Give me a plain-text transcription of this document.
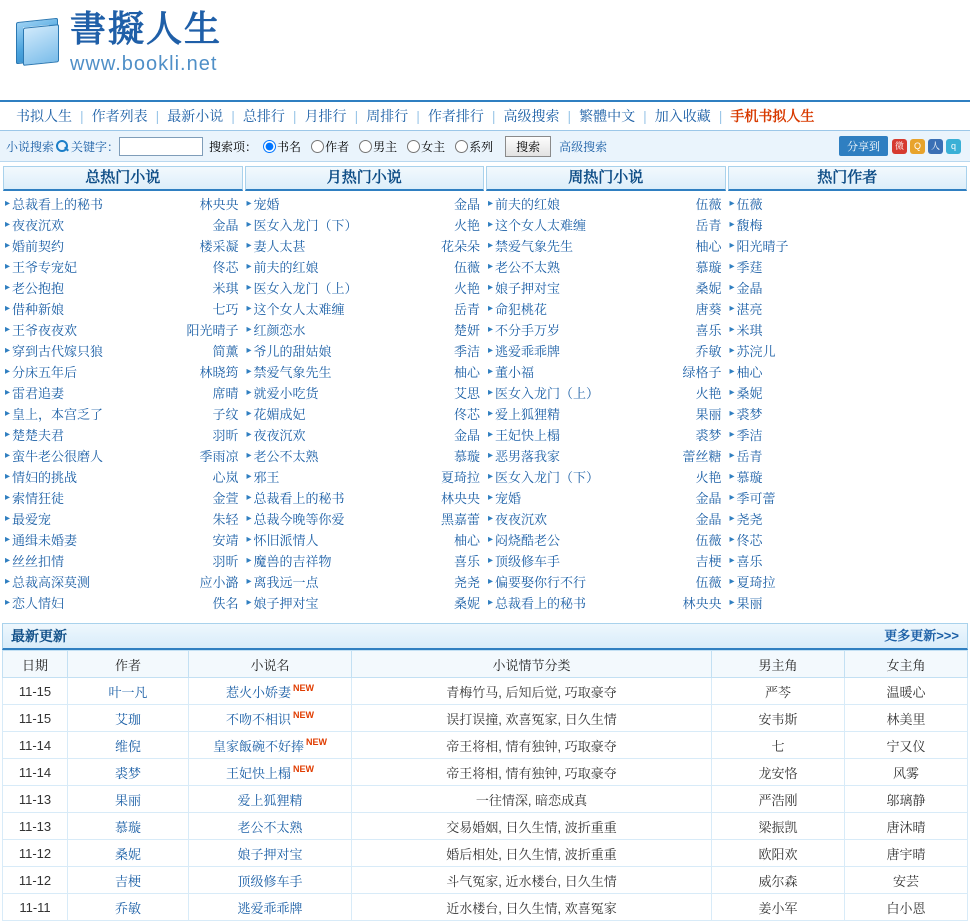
書擬人生
www.bookli.net
书拟人生 | 作者列表 | 最新小说 | 总排行 | 月排行 | 周排行 | 作者排行 | 高级搜索 | 繁體中文 | 加入收藏 | 手机书拟人生
小说搜索 关键字：	搜索项：	书名 作者 男主 女主 系列	搜索	高级搜索	分享到	微	Q	人	q
总热门小说
▸ 总裁看上的秘书	林央央
▸ 夜夜沉欢	金晶
▸ 婚前契约	楼采凝
▸ 王爷专宠妃	佟芯
▸ 老公抱抱	米琪
▸ 借种新娘	七巧
▸ 王爷夜夜欢	阳光晴子
▸ 穿到古代嫁只狼	简薰
▸ 分床五年后	林晓筠
▸ 雷君追妻	席晴
▸ 皇上，本宫乏了	子纹
▸ 楚楚夫君	羽昕
▸ 蛮牛老公很磨人	季雨凉
▸ 情妇的挑战	心岚
▸ 索情狂徒	金萱
▸ 最爱宠	朱轻
▸ 通缉未婚妻	安靖
▸ 丝丝扣情	羽昕
▸ 总裁高深莫测	应小潞
▸ 恋人情妇	佚名
月热门小说
▸ 宠婚	金晶
▸ 医女入龙门（下）	火艳
▸ 妻人太甚	花朵朵
▸ 前夫的红娘	伍薇
▸ 医女入龙门（上）	火艳
▸ 这个女人太难缠	岳青
▸ 红颜恋水	楚妍
▸ 爷儿的甜姑娘	季洁
▸ 禁爱气象先生	柚心
▸ 就爱小吃货	艾思
▸ 花媚成妃	佟芯
▸ 夜夜沉欢	金晶
▸ 老公不太熟	慕璇
▸ 邪王	夏琦拉
▸ 总裁看上的秘书	林央央
▸ 总裁今晚等你爱	黑嘉蕾
▸ 怀旧派情人	柚心
▸ 魔兽的吉祥物	喜乐
▸ 离我远一点	尧尧
▸ 娘子押对宝	桑妮
周热门小说
▸ 前夫的红娘	伍薇
▸ 这个女人太难缠	岳青
▸ 禁爱气象先生	柚心
▸ 老公不太熟	慕璇
▸ 娘子押对宝	桑妮
▸ 命犯桃花	唐葵
▸ 不分手万岁	喜乐
▸ 逃爱乖乖牌	乔敏
▸ 董小福	绿格子
▸ 医女入龙门（上）	火艳
▸ 爱上狐狸精	果丽
▸ 王妃快上榻	裘梦
▸ 恶男落我家	蕾丝糖
▸ 医女入龙门（下）	火艳
▸ 宠婚	金晶
▸ 夜夜沉欢	金晶
▸ 闷烧酷老公	伍薇
▸ 顶级修车手	吉梗
▸ 偏要娶你行不行	伍薇
▸ 总裁看上的秘书	林央央
热门作者
▸ 伍薇
▸ 馥梅
▸ 阳光晴子
▸ 季莛
▸ 金晶
▸ 湛亮
▸ 米琪
▸ 苏浣儿
▸ 柚心
▸ 桑妮
▸ 裘梦
▸ 季洁
▸ 岳青
▸ 慕璇
▸ 季可蕾
▸ 尧尧
▸ 佟芯
▸ 喜乐
▸ 夏琦拉
▸ 果丽
最新更新	更多更新>>>
日期	作者	小说名	小说情节分类	男主角	女主角
11-15	叶一凡	惹火小娇妻 $^{NEW}$	青梅竹马, 后知后觉, 巧取豪夺	严芩	温暖心
11-15	艾珈	不吻不相识 $^{NEW}$	误打误撞, 欢喜冤家, 日久生情	安韦斯	林美里
11-14	维倪	皇家飯碗不好捧 $^{NEW}$	帝王将相, 情有独钟, 巧取豪夺	七	宁又仪
11-14	裘梦	王妃快上榻 $^{NEW}$	帝王将相, 情有独钟, 巧取豪夺	龙安恪	风雾
11-13	果丽	爱上狐狸精	一往情深, 暗恋成真	严浩刚	邬璃静
11-13	慕璇	老公不太熟	交易婚姻, 日久生情, 波折重重	梁振凯	唐沐晴
11-12	桑妮	娘子押对宝	婚后相处, 日久生情, 波折重重	欧阳欢	唐宇晴
11-12	吉梗	顶级修车手	斗气冤家, 近水楼台, 日久生情	威尔森	安芸
11-11	乔敏	逃爱乖乖牌	近水楼台, 日久生情, 欢喜冤家	姜小军	白小恩
